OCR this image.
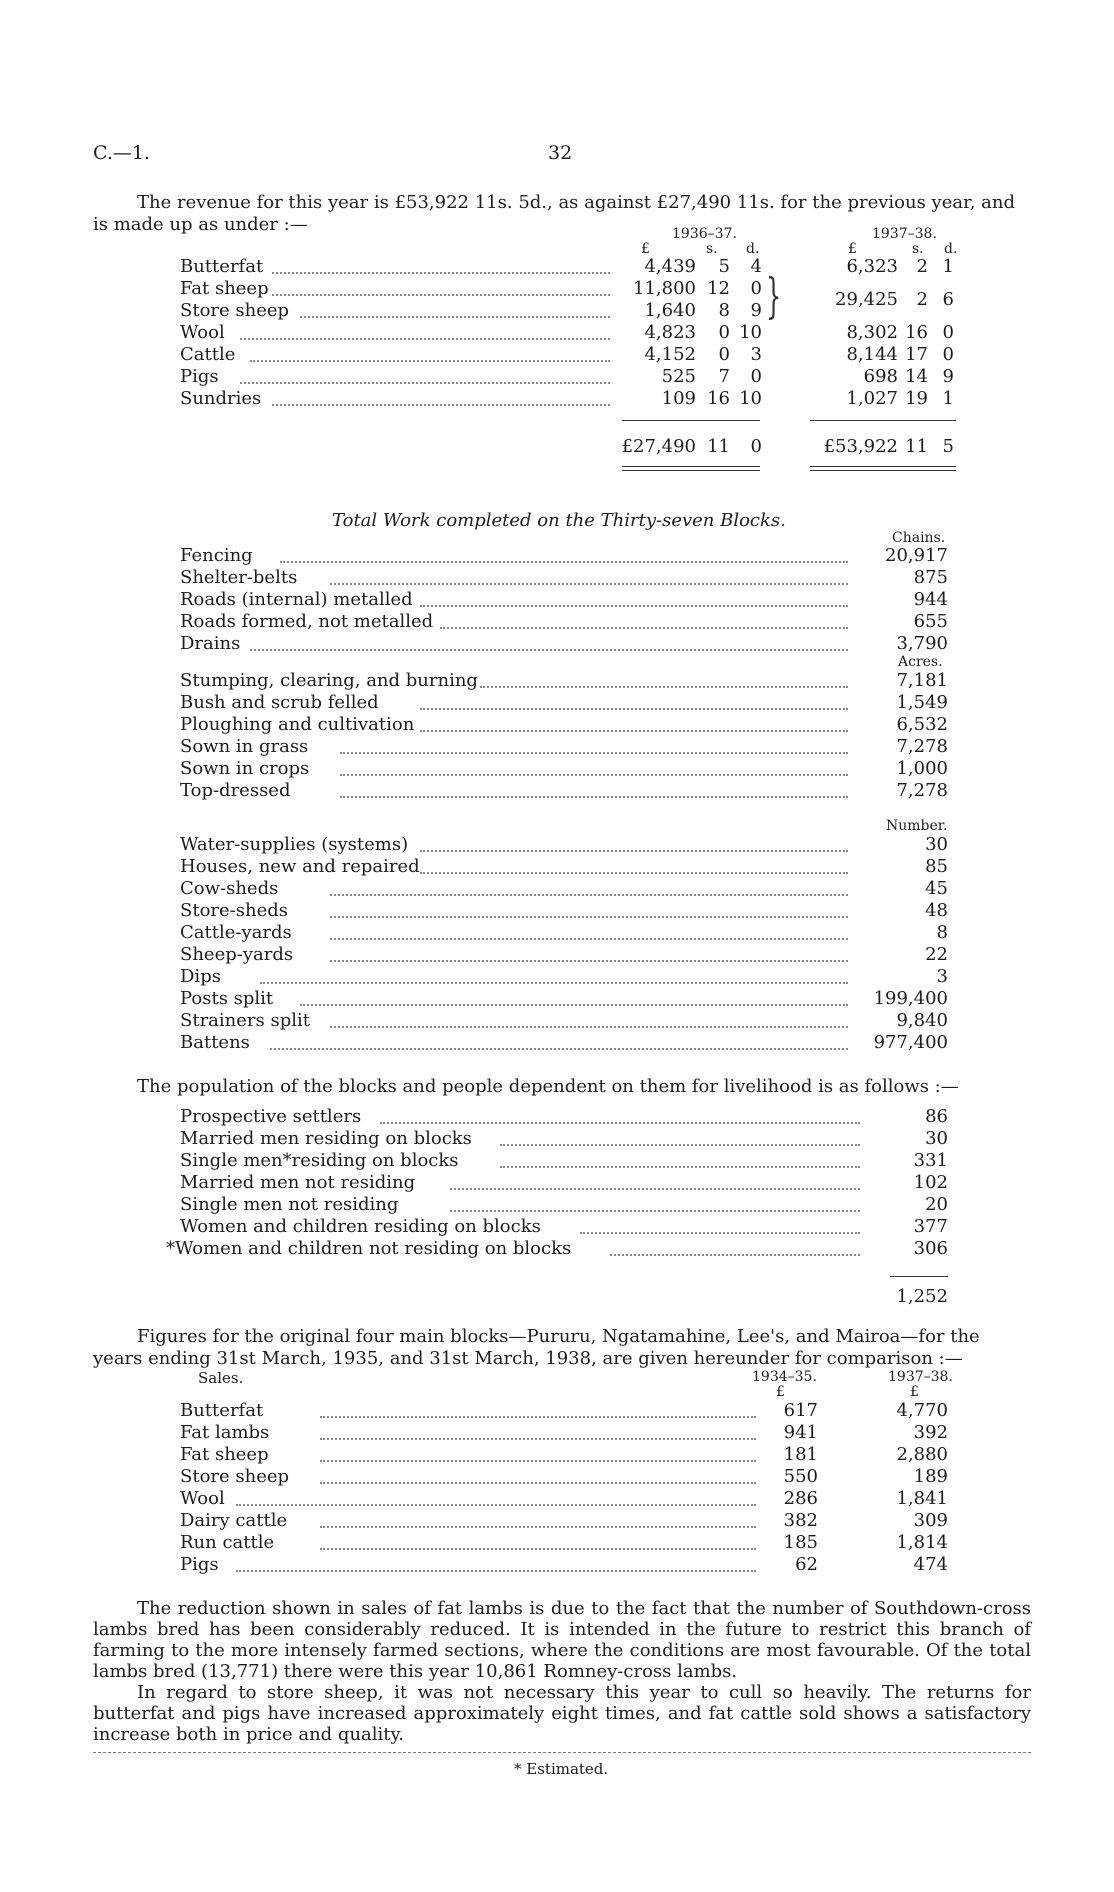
C.—1.	32
The revenue for this year is £53,922 11s. 5d., as against £27,490 11s. for the previous year, and
is made up as under :—	1936–37.	1937–38.
£	s. d.	£	s. d.
Butterfat	4,439	5	4	6,323	2 1
Fat sheep	11,800 12	0
Store sheep	1,640	8	9 }	29,425	2 6
Wool	4,823	0 10	8,302 16 0
Cattle	4,152	0	3	8,144 17 0
Pigs	525	7	0	698 14 9
Sundries	109 16 10	1,027 19 1
£27,490 11	0	£53,922 11 5
Total Work completed on the Thirty-seven Blocks.
Chains.
Fencing	20,917
Shelter-belts	875
Roads (internal) metalled	944
Roads formed, not metalled	655
Drains	3,790
Acres.
Stumping, clearing, and burning	7,181
Bush and scrub felled	1,549
Ploughing and cultivation	6,532
Sown in grass	7,278
Sown in crops	1,000
Top-dressed	7,278
Number.
Water-supplies (systems)	30
Houses, new and repaired	85
Cow-sheds	45
Store-sheds	48
Cattle-yards	8
Sheep-yards	22
Dips	3
Posts split	199,400
Strainers split	9,840
Battens	977,400
The population of the blocks and people dependent on them for livelihood is as follows :—
Prospective settlers	86
Married men residing on blocks	30
Single men*residing on blocks	331
Married men not residing	102
Single men not residing	20
Women and children residing on blocks	377
*Women and children not residing on blocks	306
1,252
Figures for the original four main blocks—Pururu, Ngatamahine, Lee's, and Mairoa—for the
years ending 31st March, 1935, and 31st March, 1938, are given hereunder for comparison :—
Sales.	1934–35.	1937–38.
£	£
Butterfat	617	4,770
Fat lambs	941	392
Fat sheep	181	2,880
Store sheep	550	189
Wool	286	1,841
Dairy cattle	382	309
Run cattle	185	1,814
Pigs	62	474
The reduction shown in sales of fat lambs is due to the fact that the number of Southdown-cross lambs bred has been considerably reduced. It is intended in the future to restrict this branch of farming to the more intensely farmed sections, where the conditions are most favourable. Of the total lambs bred (13,771) there were this year 10,861 Romney-cross lambs.
In regard to store sheep, it was not necessary this year to cull so heavily. The returns for butterfat and pigs have increased approximately eight times, and fat cattle sold shows a satisfactory increase both in price and quality.
* Estimated.
